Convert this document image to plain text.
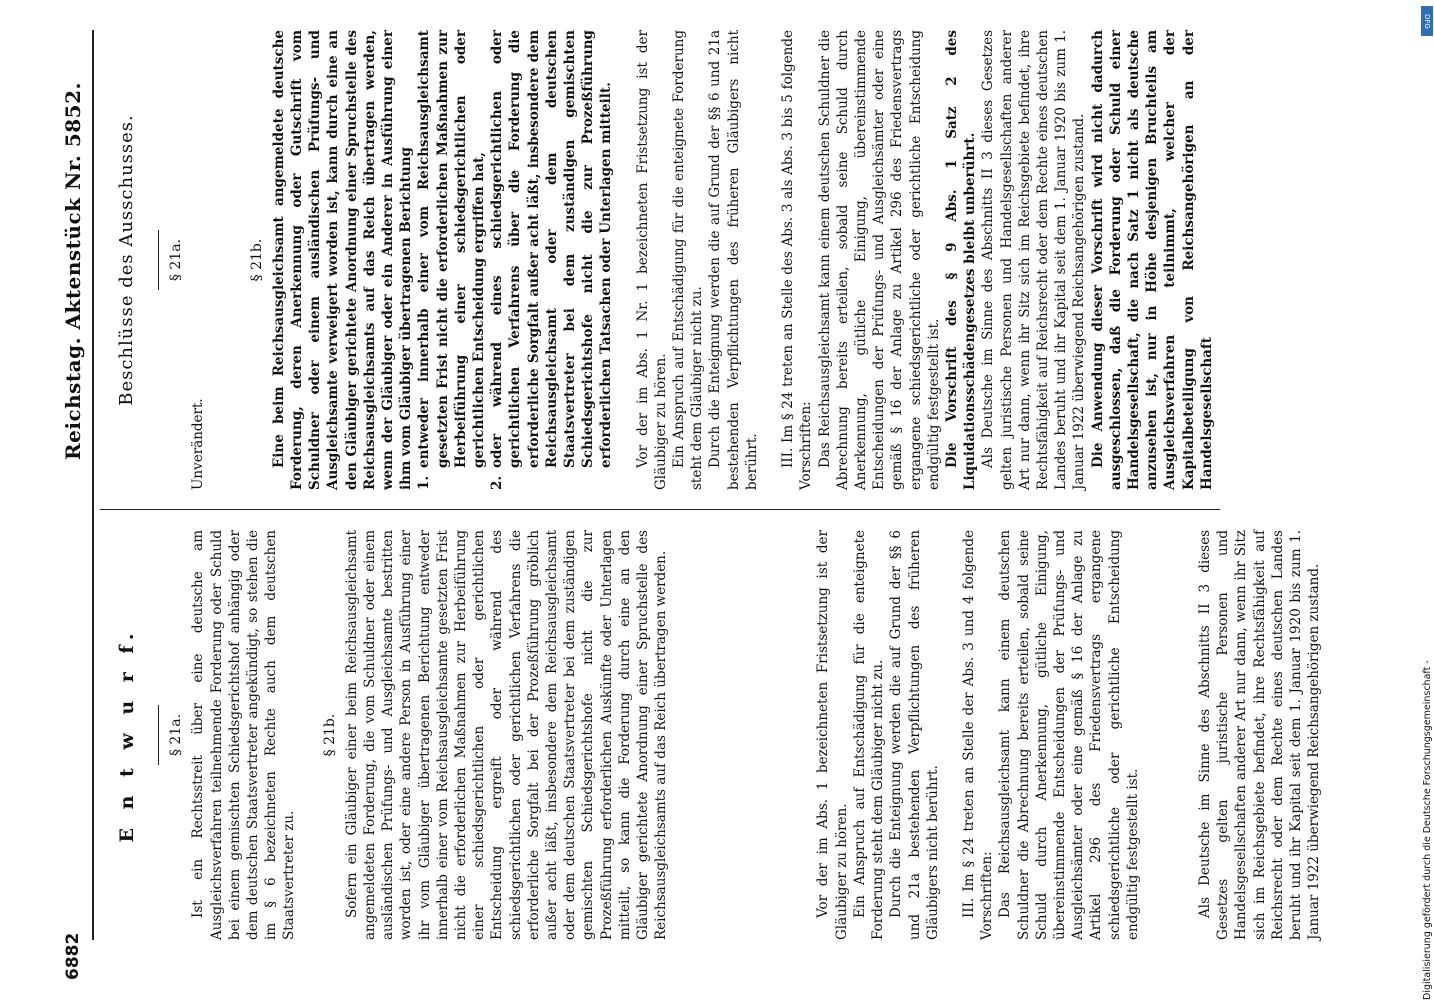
6882
Reichstag. Aktenstück Nr. 5852.
E n t w u r f. § 21a. Ist ein Rechtsstreit über eine deutsche am Ausgleichsverfahren teilnehmende Forderung oder Schuld bei einem gemischten Schiedsgerichtshof anhängig oder dem deutschen Staatsvertreter angekündigt, so stehen die im § 6 bezeichneten Rechte auch dem deutschen Staatsvertreter zu.

§ 21b. Sofern ein Gläubiger einer beim Reichsausgleichsamt angemeldeten Forderung, die vom Schuldner oder einem ausländischen Prüfungs- und Ausgleichsamte bestritten worden ist, oder eine andere Person in Ausführung einer ihr vom Gläubiger übertragenen Berichtung entweder innerhalb einer vom Reichsausgleichsamte gesetzten Frist nicht die erforderlichen Maßnahmen zur Herbeiführung einer schiedsgerichtlichen oder gerichtlichen Entscheidung ergreift oder während des schiedsgerichtlichen oder gerichtlichen Verfahrens die erforderliche Sorgfalt bei der Prozeßführung gröblich außer acht läßt, insbesondere dem Reichsausgleichsamt oder dem deutschen Staatsvertreter bei dem zuständigen gemischten Schiedsgerichtshofe nicht die zur Prozeßführung erforderlichen Auskünfte oder Unterlagen mitteilt, so kann die Forderung durch eine an den Gläubiger gerichtete Anordnung einer Spruchstelle des Reichsausgleichsamts auf das Reich übertragen werden.	Vor der im Abs. 1 bezeichneten Fristsetzung ist der Gläubiger zu hören. Ein Anspruch auf Entschädigung für die enteignete Forderung steht dem Gläubiger nicht zu. Durch die Enteignung werden die auf Grund der §§ 6 und 21a bestehenden Verpflichtungen des früheren Gläubigers nicht berührt. III. Im § 24 treten an Stelle der Abs. 3 und 4 folgende Vorschriften: Das Reichsausgleichsamt kann einem deutschen Schuldner die Abrechnung bereits erteilen, sobald seine Schuld durch Anerkennung, gütliche Einigung, übereinstimmende Entscheidungen der Prüfungs- und Ausgleichsämter oder eine gemäß § 16 der Anlage zu Artikel 296 des Friedensvertrags ergangene schiedsgerichtliche oder gerichtliche Entscheidung endgültig festgestellt ist.	Als Deutsche im Sinne des Abschnitts II 3 dieses Gesetzes gelten juristische Personen und Handelsgesellschaften anderer Art nur dann, wenn ihr Sitz sich im Reichsgebiete befindet, ihre Rechtsfähigkeit auf Reichsrecht oder dem Rechte eines deutschen Landes beruht und ihr Kapital seit dem 1. Januar 1920 bis zum 1. Januar 1922 überwiegend Reichsangehörigen zustand.

Beschlüsse des Ausschusses. § 21a.

Unverändert.

§ 21b. Eine beim Reichsausgleichsamt angemeldete deutsche Forderung, deren Anerkennung oder Gutschrift vom Schuldner oder einem ausländischen Prüfungs- und Ausgleichsamte verweigert worden ist, kann durch eine an den Gläubiger gerichtete Anordnung einer Spruchstelle des Reichsausgleichsamts auf das Reich übertragen werden, wenn der Gläubiger oder ein Anderer in Ausführung einer ihm vom Gläubiger übertragenen Berichtung 1.
entweder innerhalb einer vom Reichsausgleichsamt gesetzten Frist nicht die erforderlichen Maßnahmen zur Herbeiführung einer schiedsgerichtlichen oder gerichtlichen Entscheidung ergriffen hat,

2.
oder während eines schiedsgerichtlichen oder gerichtlichen Verfahrens über die Forderung die erforderliche Sorgfalt außer acht läßt, insbesondere dem Reichsausgleichsamt oder dem deutschen Staatsvertreter bei dem zuständigen gemischten Schiedsgerichtshofe nicht die zur Prozeßführung erforderlichen Tatsachen oder Unterlagen mitteilt. Vor der im Abs. 1 Nr. 1 bezeichneten Fristsetzung ist der Gläubiger zu hören. Ein Anspruch auf Entschädigung für die enteignete Forderung steht dem Gläubiger nicht zu. Durch die Enteignung werden die auf Grund der §§ 6 und 21a bestehenden Verpflichtungen des früheren Gläubigers nicht berührt. III. Im § 24 treten an Stelle des Abs. 3 als Abs. 3 bis 5 folgende Vorschriften: Das Reichsausgleichsamt kann einem deutschen Schuldner die Abrechnung bereits erteilen, sobald seine Schuld durch Anerkennung, gütliche Einigung, übereinstimmende Entscheidungen der Prüfungs- und Ausgleichsämter oder eine gemäß § 16 der Anlage zu Artikel 296 des Friedensvertrags ergangene schiedsgerichtliche oder gerichtliche Entscheidung endgültig festgestellt ist. Die Vorschrift des § 9 Abs. 1 Satz 2 des Liquidationsschädengesetzes bleibt unberührt. Als Deutsche im Sinne des Abschnitts II 3 dieses Gesetzes gelten juristische Personen und Handelsgesellschaften anderer Art nur dann, wenn ihr Sitz sich im Reichsgebiete befindet, ihre Rechtsfähigkeit auf Reichsrecht oder dem Rechte eines deutschen Landes beruht und ihr Kapital seit dem 1. Januar 1920 bis zum 1. Januar 1922 überwiegend Reichsangehörigen zustand. Die Anwendung dieser Vorschrift wird nicht dadurch ausgeschlossen, daß die Forderung oder Schuld einer Handelsgesellschaft, die nach Satz 1 nicht als deutsche anzusehen ist, nur in Höhe desjenigen Bruchteils am Ausgleichsverfahren teilnimmt, welcher der Kapitalbeteiligung von Reichsangehörigen an der Handelsgesellschaft

Digitalisierung gefördert durch die Deutsche Forschungsgemeinschaft -
DFG
